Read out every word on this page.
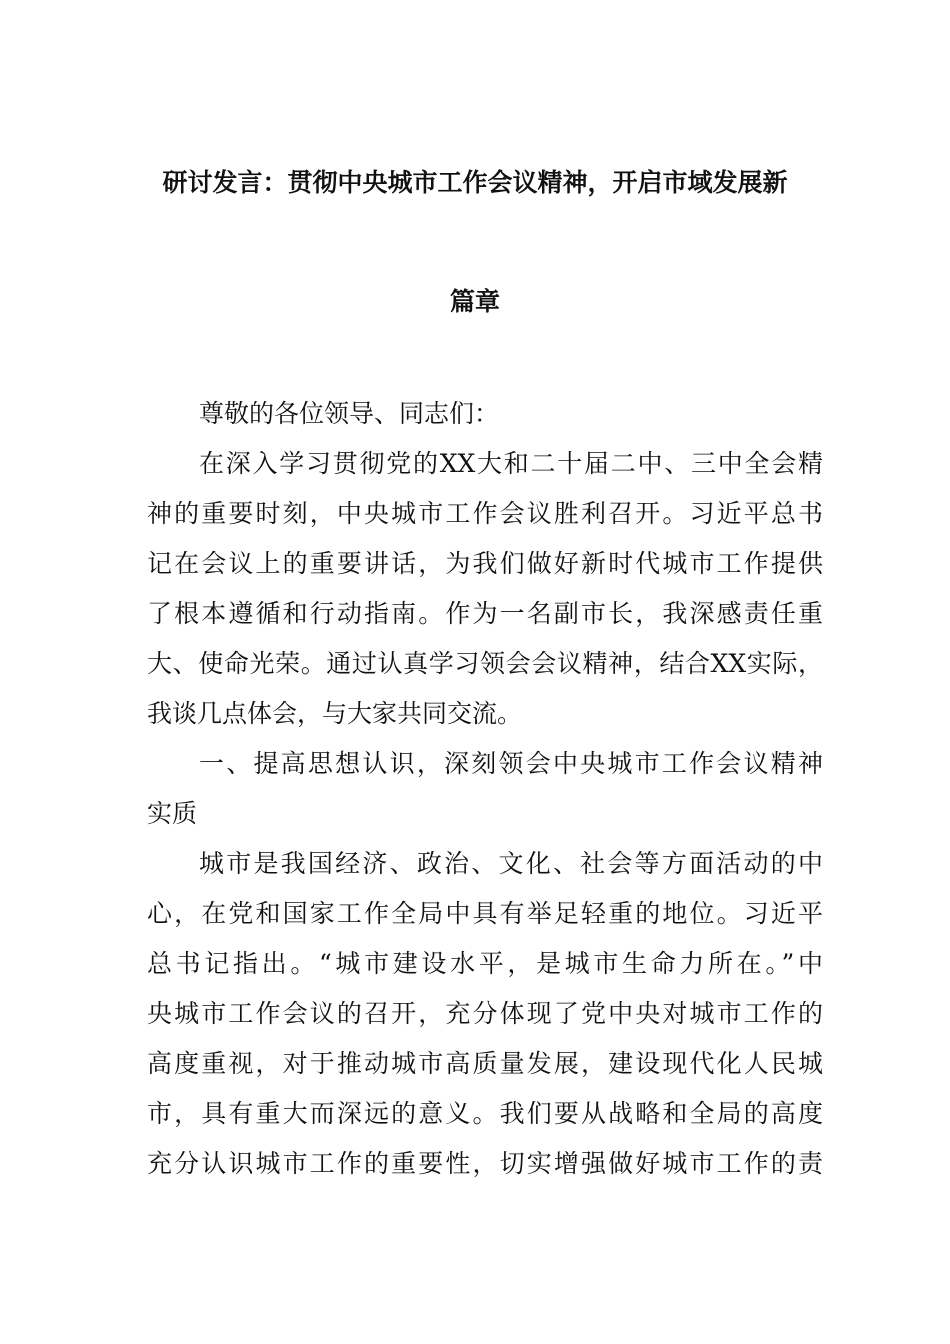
研讨发言：贯彻中央城市工作会议精神，开启市域发展新
篇章
尊敬的各位领导、同志们：
在深入学习贯彻党的XX大和二十届二中、三中全会精
神的重要时刻，中央城市工作会议胜利召开。习近平总书
记在会议上的重要讲话，为我们做好新时代城市工作提供
了根本遵循和行动指南。作为一名副市长，我深感责任重
大、使命光荣。通过认真学习领会会议精神，结合XX实际，
我谈几点体会，与大家共同交流。
一、提高思想认识，深刻领会中央城市工作会议精神
实质
城市是我国经济、政治、文化、社会等方面活动的中
心，在党和国家工作全局中具有举足轻重的地位。习近平
总书记指出。“城市建设水平，是城市生命力所在。”中
央城市工作会议的召开，充分体现了党中央对城市工作的
高度重视，对于推动城市高质量发展，建设现代化人民城
市，具有重大而深远的意义。我们要从战略和全局的高度
充分认识城市工作的重要性，切实增强做好城市工作的责
